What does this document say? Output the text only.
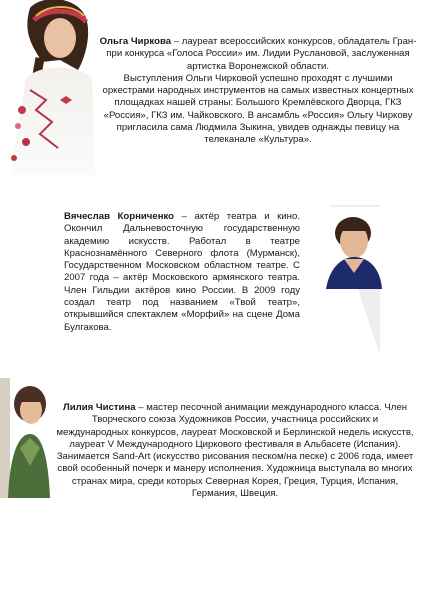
Ольга Чиркова – лауреат всероссийских конкурсов, обладатель Гран-при конкурса «Голоса России» им. Лидии Руслановой, заслуженная артистка Воронежской области.

Выступления Ольги Чирковой успешно проходят с лучшими оркестрами народных инструментов на самых известных концертных площадках нашей страны: Большого Кремлёвского Дворца, ГКЗ «Россия», ГКЗ им. Чайковского. В ансамбль «Россия» Ольгу Чиркову пригласила сама Людмила Зыкина, увидев однажды певицу на телеканале «Культура».

Вячеслав Корниченко – актёр театра и кино. Окончил Дальневосточную государственную академию искусств. Работал в театре Краснознамённого Северного флота (Мурманск), Государственном Московском областном театре. С 2007 года – актёр Московского армянского театра. Член Гильдии актёров кино России. В 2009 году создал театр под названием «Твой театр», открывшийся спектаклем «Морфий» на сцене Дома Булгакова.

Лилия Чистина – мастер песочной анимации международного класса. Член Творческого союза Художников России, участница российских и международных конкурсов, лауреат Московской и Берлинской недель искусств, лауреат V Международного Циркового фестиваля в Альбасете (Испания). Занимается Sand-Art (искусство рисования песком/на песке) с 2006 года, имеет свой особенный почерк и манеру исполнения. Художница выступала во многих странах мира, среди которых Северная Корея, Греция, Турция, Испания, Германия, Швеция.
